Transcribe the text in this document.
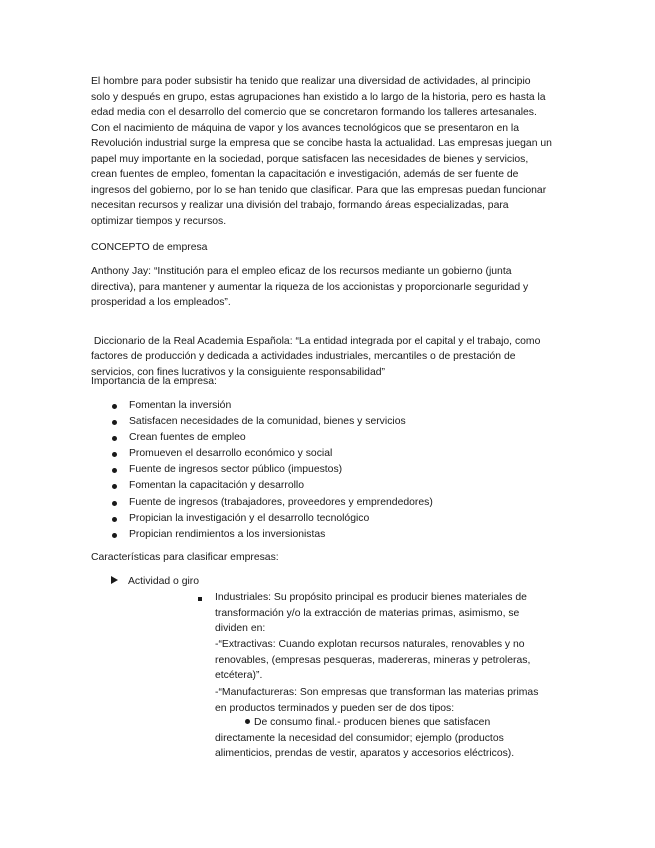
El hombre para poder subsistir ha tenido que realizar una diversidad de actividades, al principio
solo y después en grupo, estas agrupaciones han existido a lo largo de la historia, pero es hasta la
edad media con el desarrollo del comercio que se concretaron formando los talleres artesanales.
Con el nacimiento de máquina de vapor y los avances tecnológicos que se presentaron en la
Revolución industrial surge la empresa que se concibe hasta la actualidad. Las empresas juegan un
papel muy importante en la sociedad, porque satisfacen las necesidades de bienes y servicios,
crean fuentes de empleo, fomentan la capacitación e investigación, además de ser fuente de
ingresos del gobierno, por lo se han tenido que clasificar. Para que las empresas puedan funcionar
necesitan recursos y realizar una división del trabajo, formando áreas especializadas, para
optimizar tiempos y recursos.

CONCEPTO de empresa

Anthony Jay: “Institución para el empleo eficaz de los recursos mediante un gobierno (junta
directiva), para mantener y aumentar la riqueza de los accionistas y proporcionarle seguridad y
prosperidad a los empleados”.

Diccionario de la Real Academia Española: “La entidad integrada por el capital y el trabajo, como
factores de producción y dedicada a actividades industriales, mercantiles o de prestación de
servicios, con fines lucrativos y la consiguiente responsabilidad”

Importancia de la empresa:

Fomentan la inversión
Satisfacen necesidades de la comunidad, bienes y servicios
Crean fuentes de empleo
Promueven el desarrollo económico y social
Fuente de ingresos sector público (impuestos)
Fomentan la capacitación y desarrollo
Fuente de ingresos (trabajadores, proveedores y emprendedores)
Propician la investigación y el desarrollo tecnológico
Propician rendimientos a los inversionistas

Características para clasificar empresas:

Actividad o giro

Industriales: Su propósito principal es producir bienes materiales de
transformación y/o la extracción de materias primas, asimismo, se
dividen en:

-“Extractivas: Cuando explotan recursos naturales, renovables y no
renovables, (empresas pesqueras, madereras, mineras y petroleras,
etcétera)”.

-“Manufactureras: Son empresas que transforman las materias primas
en productos terminados y pueden ser de dos tipos:

De consumo final.- producen bienes que satisfacen
directamente la necesidad del consumidor; ejemplo (productos
alimenticios, prendas de vestir, aparatos y accesorios eléctricos).
